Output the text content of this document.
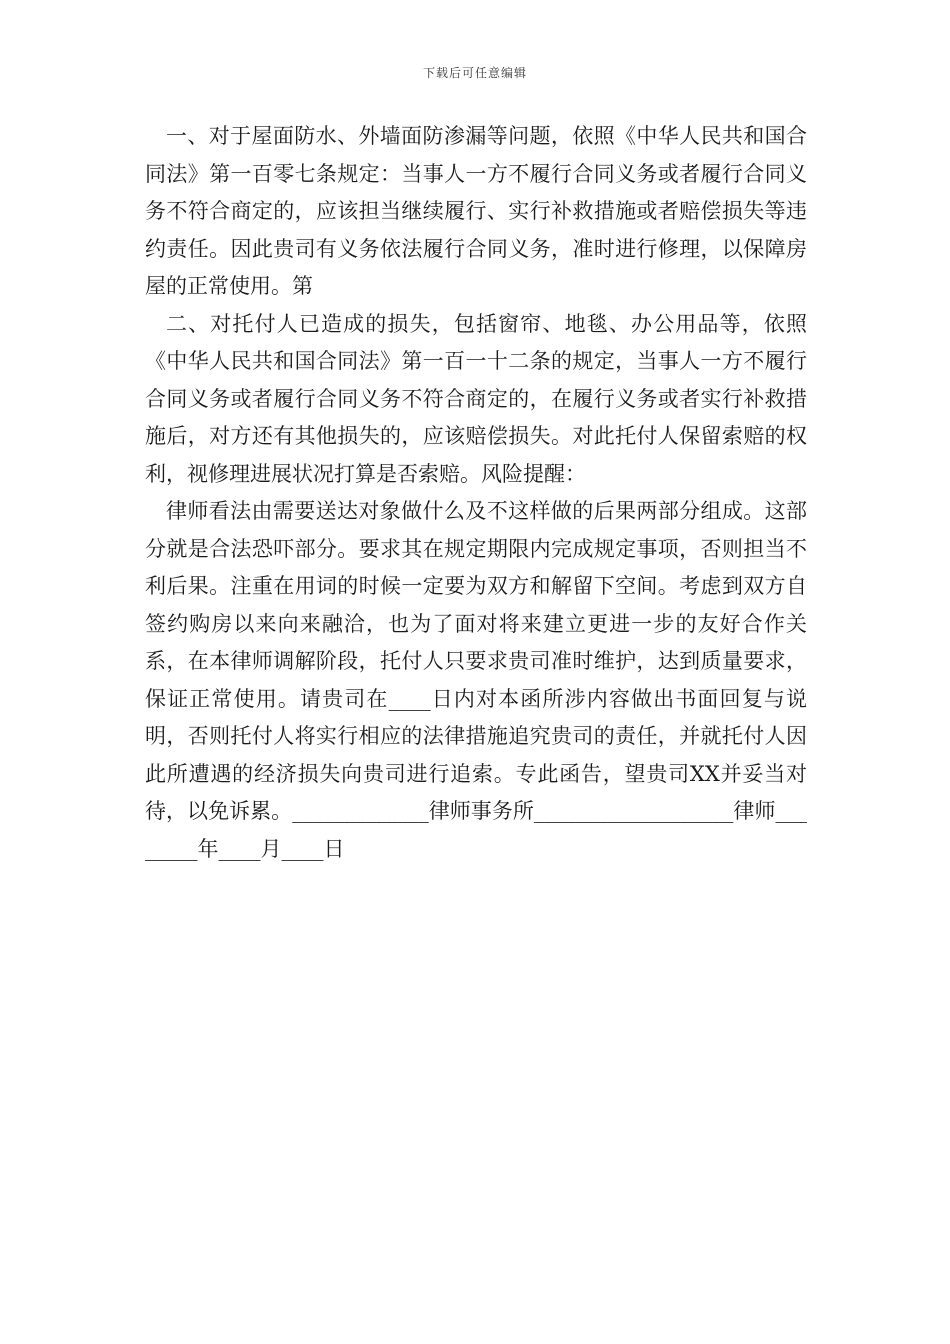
下载后可任意编辑

一、对于屋面防水、外墙面防渗漏等问题，依照《中华人民共和国合同法》第一百零七条规定：当事人一方不履行合同义务或者履行合同义务不符合商定的，应该担当继续履行、实行补救措施或者赔偿损失等违约责任。因此贵司有义务依法履行合同义务，准时进行修理，以保障房屋的正常使用。第

二、对托付人已造成的损失，包括窗帘、地毯、办公用品等，依照《中华人民共和国合同法》第一百一十二条的规定，当事人一方不履行合同义务或者履行合同义务不符合商定的，在履行义务或者实行补救措施后，对方还有其他损失的，应该赔偿损失。对此托付人保留索赔的权利，视修理进展状况打算是否索赔。风险提醒：

律师看法由需要送达对象做什么及不这样做的后果两部分组成。这部分就是合法恐吓部分。要求其在规定期限内完成规定事项，否则担当不利后果。注重在用词的时候一定要为双方和解留下空间。考虑到双方自签约购房以来向来融洽，也为了面对将来建立更进一步的友好合作关系，在本律师调解阶段，托付人只要求贵司准时维护，达到质量要求，保证正常使用。请贵司在____日内对本函所涉内容做出书面回复与说明，否则托付人将实行相应的法律措施追究贵司的责任，并就托付人因此所遭遇的经济损失向贵司进行追索。专此函告，望贵司XX并妥当对待，以免诉累。_____________律师事务所___________________律师________年____月____日
